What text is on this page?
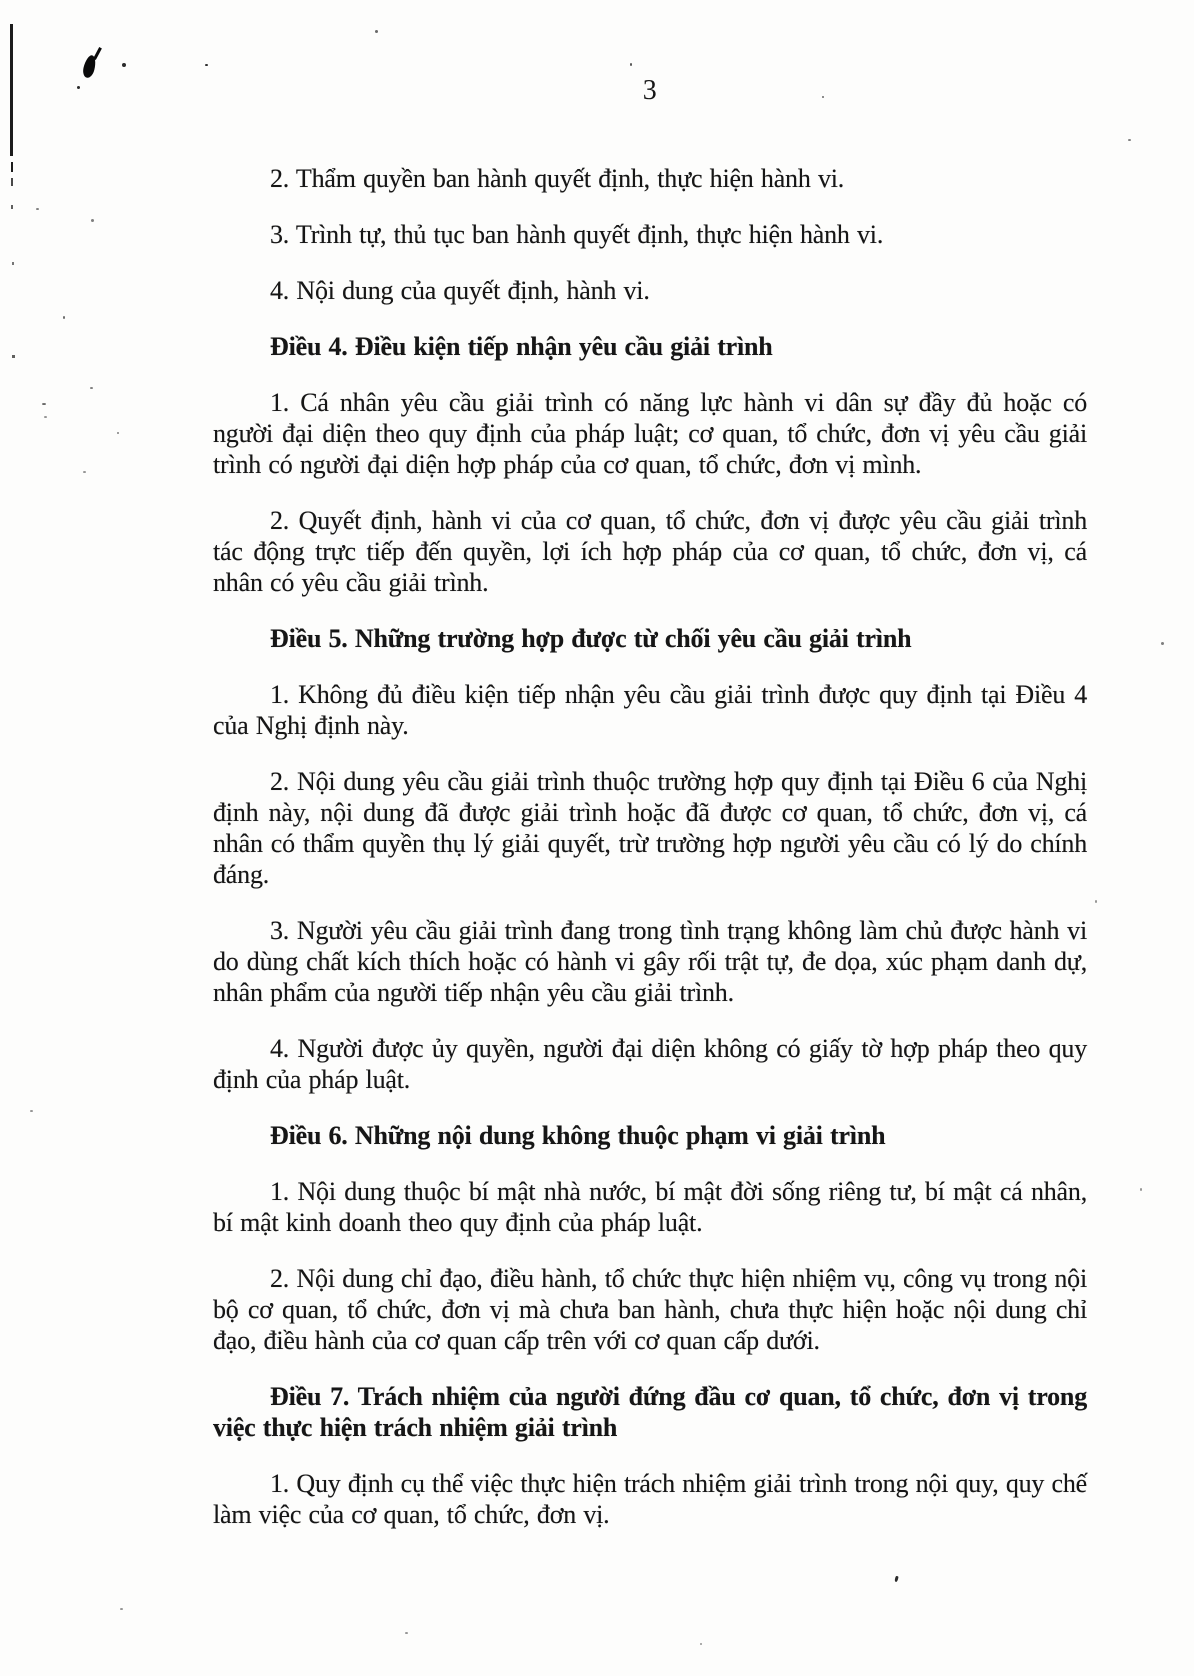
3

2. Thẩm quyền ban hành quyết định, thực hiện hành vi.

3. Trình tự, thủ tục ban hành quyết định, thực hiện hành vi.

4. Nội dung của quyết định, hành vi.

Điều 4. Điều kiện tiếp nhận yêu cầu giải trình

1. Cá nhân yêu cầu giải trình có năng lực hành vi dân sự đầy đủ hoặc có người đại diện theo quy định của pháp luật; cơ quan, tổ chức, đơn vị yêu cầu giải trình có người đại diện hợp pháp của cơ quan, tổ chức, đơn vị mình.

2. Quyết định, hành vi của cơ quan, tổ chức, đơn vị được yêu cầu giải trình tác động trực tiếp đến quyền, lợi ích hợp pháp của cơ quan, tổ chức, đơn vị, cá nhân có yêu cầu giải trình.

Điều 5. Những trường hợp được từ chối yêu cầu giải trình

1. Không đủ điều kiện tiếp nhận yêu cầu giải trình được quy định tại Điều 4 của Nghị định này.

2. Nội dung yêu cầu giải trình thuộc trường hợp quy định tại Điều 6 của Nghị định này, nội dung đã được giải trình hoặc đã được cơ quan, tổ chức, đơn vị, cá nhân có thẩm quyền thụ lý giải quyết, trừ trường hợp người yêu cầu có lý do chính đáng.

3. Người yêu cầu giải trình đang trong tình trạng không làm chủ được hành vi do dùng chất kích thích hoặc có hành vi gây rối trật tự, đe dọa, xúc phạm danh dự, nhân phẩm của người tiếp nhận yêu cầu giải trình.

4. Người được ủy quyền, người đại diện không có giấy tờ hợp pháp theo quy định của pháp luật.

Điều 6. Những nội dung không thuộc phạm vi giải trình

1. Nội dung thuộc bí mật nhà nước, bí mật đời sống riêng tư, bí mật cá nhân, bí mật kinh doanh theo quy định của pháp luật.

2. Nội dung chỉ đạo, điều hành, tổ chức thực hiện nhiệm vụ, công vụ trong nội bộ cơ quan, tổ chức, đơn vị mà chưa ban hành, chưa thực hiện hoặc nội dung chỉ đạo, điều hành của cơ quan cấp trên với cơ quan cấp dưới.

Điều 7. Trách nhiệm của người đứng đầu cơ quan, tổ chức, đơn vị trong việc thực hiện trách nhiệm giải trình

1. Quy định cụ thể việc thực hiện trách nhiệm giải trình trong nội quy, quy chế làm việc của cơ quan, tổ chức, đơn vị.
